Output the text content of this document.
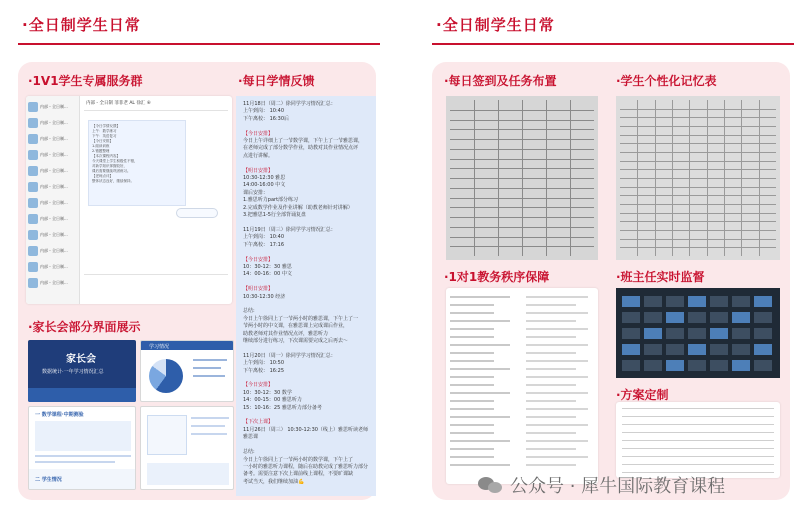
·全日制学生日常	·全日制学生日常
·1V1学生专属服务群	·每日学情反馈
·家长会部分界面展示
内部 - 全日制...
内部 - 全日制...
内部 - 全日制...
内部 - 全日制...
内部 - 全日制...
内部 - 全日制...
内部 - 全日制...
内部 - 全日制...
内部 - 全日制...
内部 - 全日制...
内部 - 全日制...
内部 - 全日制...
内部 - 全日制 菲菲老 AL 徐汇 ⑥
【今日学情反馈】
上午：数学练习
下午：英语复习
【今日安排】
1.阅读训练
2.错题整理
【本次课程内容】
今天课堂上学生积极性不错，
对新学知识掌握较好，
课后需要继续巩固练习。
【老师点评】
整体状态良好，继续保持。
11月18日（周二）徐同学学习情况汇总：
上午到岗： 10:40
下午离校： 16:30后

【今日安排】
今日上午详细上了一节数学课，下午上了一节雅思课，
在老师完成了部分数学作业，助教对其作业情况点评
点进行讲解。

【明日安排】
10:30-12:30 雅思
14:00-16:00 中文
课后安排：
1.雅思听力part部分练习
2.完成数学作业及作业讲解（助教老师针对讲解）
3.把雅思1-5行全部背诵复盘

11月19日（周三）徐同学学习情况汇总：
上午到岗： 10:40
下午离校： 17:16

【今日安排】
10：30-12：30 雅思
14：00-16：00 中文

【明日安排】
10:30-12:30 经济

总结:
今日上午徐同上了一节两小时的雅思课，下午上了一
节两小时的中文课，在雅思课上完成课后作业，
助教老师对其作业情况点评，雅思听力
继续部分进行练习，下次课需要完成之后再去～

11月20日（周一）徐同学学习情况汇总：
上午到岗： 10:50
下午离校： 16:25

【今日安排】
10：30-12：30 数学
14：00-15：00 雅思听力
15：10-16：25 雅思听力部分备考

【下次上课】
11月26日（周三） 10:30-12:30（线上）雅思听读老师
雅思课

总结:
今日上午徐同上了一节两小时的数学课，下午上了
一小时的雅思听力课程，随后在助教完成了雅思听力部分
备考。需要注意下次上课前线上课程，不要旷课缺
考试当天，我们继续加油💪
家长会
数据统计·一年学习情况汇总
学习情况
一 数学课程·中期测验
二 学生情况
·每日签到及任务布置	·学生个性化记忆表
·1对1教务秩序保障	·班主任实时监督
·方案定制
公众号 · 犀牛国际教育课程
